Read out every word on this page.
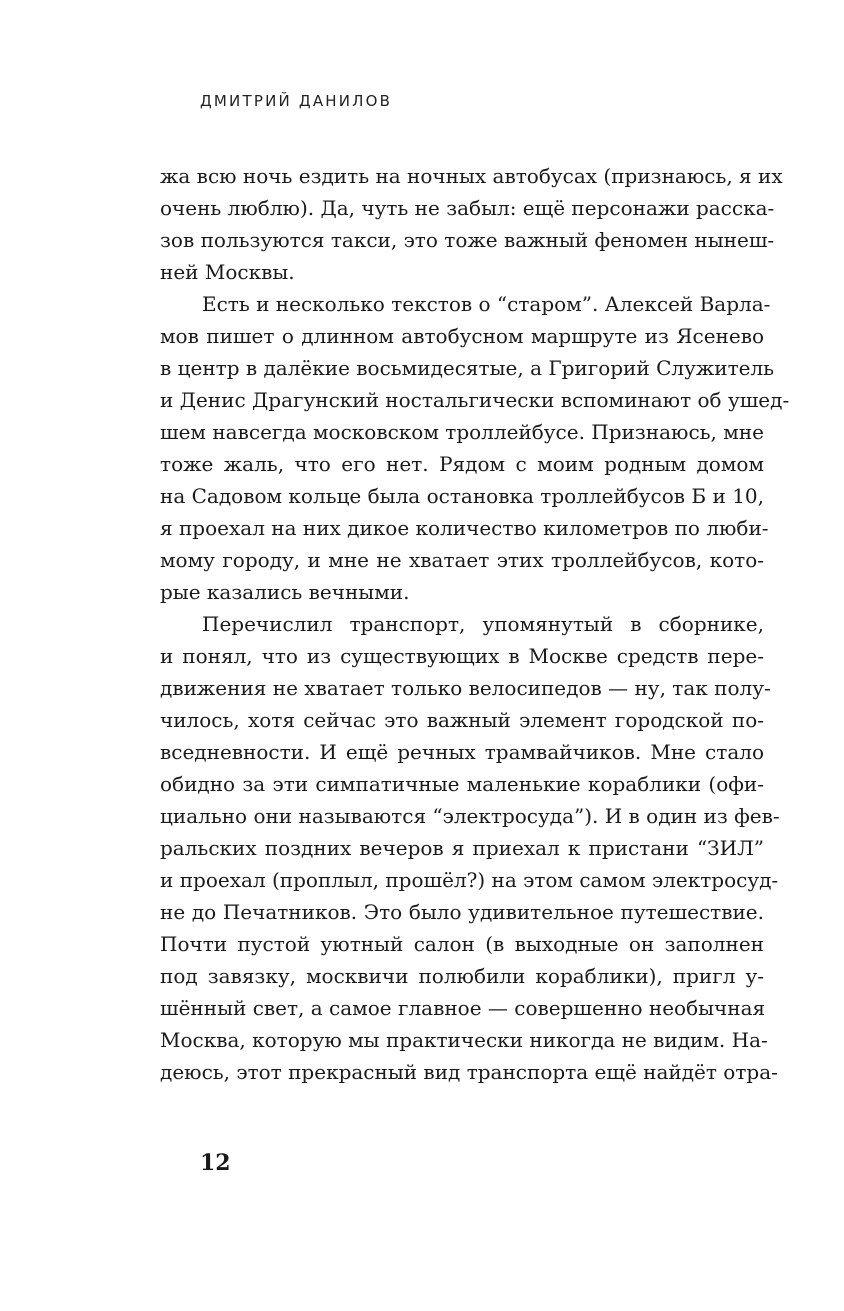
ДМИТРИЙ ДАНИЛОВ
жа всю ночь ездить на ночных автобусах (признаюсь, я их
очень люблю). Да, чуть не забыл: ещё персонажи расска-
зов пользуются такси, это тоже важный феномен нынеш-
ней Москвы.
Есть и несколько текстов о “старом”. Алексей Варла-
мов пишет о длинном автобусном маршруте из Ясенево
в центр в далёкие восьмидесятые, а Григорий Служитель
и Денис Драгунский ностальгически вспоминают об ушед-
шем навсегда московском троллейбусе. Признаюсь, мне
тоже жаль, что его нет. Рядом с моим родным домом
на Садовом кольце была остановка троллейбусов Б и 10,
я проехал на них дикое количество километров по люби-
мому городу, и мне не хватает этих троллейбусов, кото-
рые казались вечными.
Перечислил транспорт, упомянутый в сборнике,
и понял, что из существующих в Москве средств пере-
движения не хватает только велосипедов — ну, так полу-
чилось, хотя сейчас это важный элемент городской по-
вседневности. И ещё речных трамвайчиков. Мне стало
обидно за эти симпатичные маленькие кораблики (офи-
циально они называются “электросуда”). И в один из фев-
ральских поздних вечеров я приехал к пристани “ЗИЛ”
и проехал (проплыл, прошёл?) на этом самом электросуд-
не до Печатников. Это было удивительное путешествие.
Почти пустой уютный салон (в выходные он заполнен
под завязку, москвичи полюбили кораблики), пригл у-
шённый свет, а самое главное — совершенно необычная
Москва, которую мы практически никогда не видим. На-
деюсь, этот прекрасный вид транспорта ещё найдёт отра-
12
